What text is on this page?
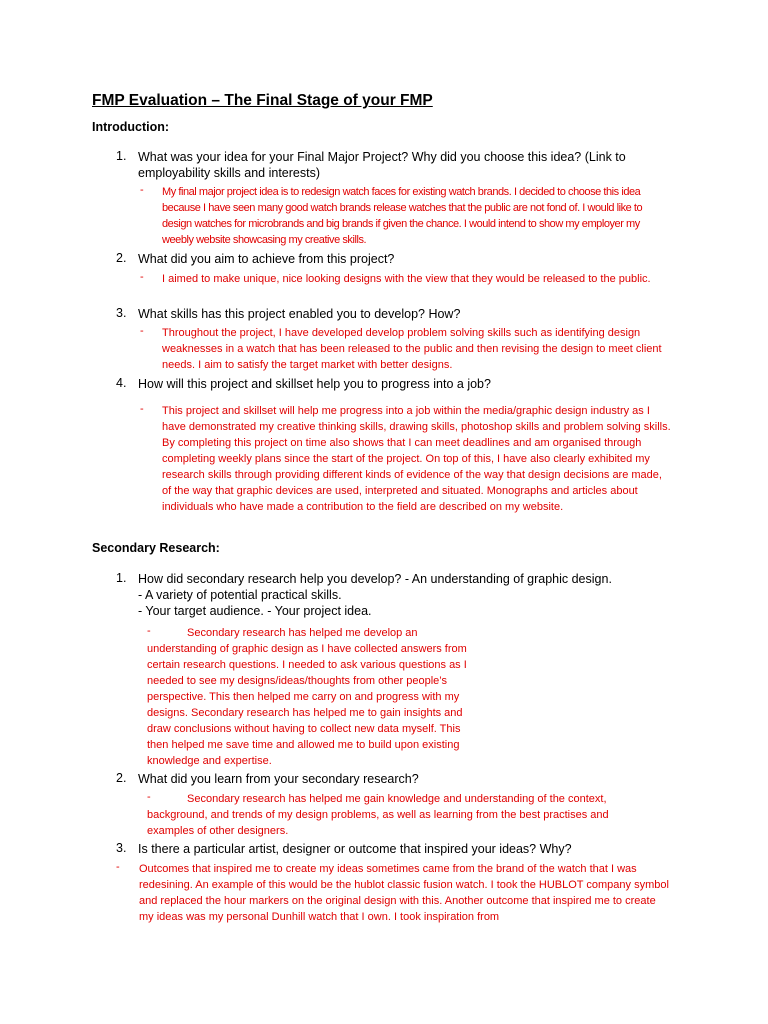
FMP Evaluation – The Final Stage of your FMP
Introduction:
1. What was your idea for your Final Major Project? Why did you choose this idea? (Link to employability skills and interests)
- My final major project idea is to redesign watch faces for existing watch brands. I decided to choose this idea because I have seen many good watch brands release watches that the public are not fond of. I would like to design watches for microbrands and big brands if given the chance. I would intend to show my employer my weebly website showcasing my creative skills.
2. What did you aim to achieve from this project?
- I aimed to make unique, nice looking designs with the view that they would be released to the public.
3. What skills has this project enabled you to develop? How?
- Throughout the project, I have developed develop problem solving skills such as identifying design weaknesses in a watch that has been released to the public and then revising the design to meet client needs. I aim to satisfy the target market with better designs.
4. How will this project and skillset help you to progress into a job?
- This project and skillset will help me progress into a job within the media/graphic design industry as I have demonstrated my creative thinking skills, drawing skills, photoshop skills and problem solving skills. By completing this project on time also shows that I can meet deadlines and am organised through completing weekly plans since the start of the project. On top of this, I have also clearly exhibited my research skills through providing different kinds of evidence of the way that design decisions are made, of the way that graphic devices are used, interpreted and situated. Monographs and articles about individuals who have made a contribution to the field are described on my website.
Secondary Research:
1. How did secondary research help you develop? - An understanding of graphic design.
- A variety of potential practical skills.
- Your target audience. - Your project idea.
-	Secondary research has helped me develop an understanding of graphic design as I have collected answers from certain research questions. I needed to ask various questions as I needed to see my designs/ideas/thoughts from other people’s perspective. This then helped me carry on and progress with my designs. Secondary research has helped me to gain insights and draw conclusions without having to collect new data myself. This then helped me save time and allowed me to build upon existing knowledge and expertise.
2. What did you learn from your secondary research?
-	Secondary research has helped me gain knowledge and understanding of the context, background, and trends of my design problems, as well as learning from the best practises and examples of other designers.
3. Is there a particular artist, designer or outcome that inspired your ideas? Why?
- Outcomes that inspired me to create my ideas sometimes came from the brand of the watch that I was redesining. An example of this would be the hublot classic fusion watch. I took the HUBLOT company symbol and replaced the hour markers on the original design with this. Another outcome that inspired me to create my ideas was my personal Dunhill watch that I own. I took inspiration from
